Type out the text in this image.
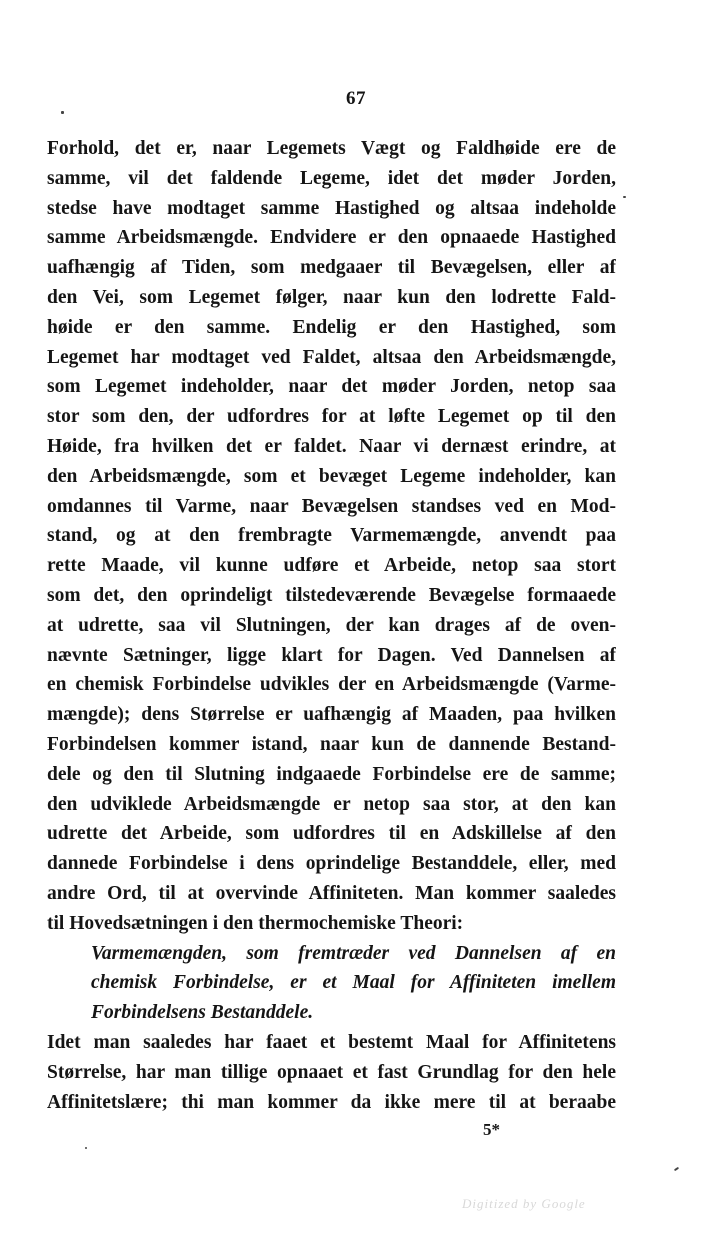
67
Forhold, det er, naar Legemets Vægt og Faldhøide ere de
samme, vil det faldende Legeme, idet det møder Jorden,
stedse have modtaget samme Hastighed og altsaa indeholde
samme Arbeidsmængde. Endvidere er den opnaaede Hastighed
uafhængig af Tiden, som medgaaer til Bevægelsen, eller af
den Vei, som Legemet følger, naar kun den lodrette Fald-
høide er den samme. Endelig er den Hastighed, som
Legemet har modtaget ved Faldet, altsaa den Arbeidsmængde,
som Legemet indeholder, naar det møder Jorden, netop saa
stor som den, der udfordres for at løfte Legemet op til den
Høide, fra hvilken det er faldet. Naar vi dernæst erindre, at
den Arbeidsmængde, som et bevæget Legeme indeholder, kan
omdannes til Varme, naar Bevægelsen standses ved en Mod-
stand, og at den frembragte Varmemængde, anvendt paa
rette Maade, vil kunne udføre et Arbeide, netop saa stort
som det, den oprindeligt tilstedeværende Bevægelse formaaede
at udrette, saa vil Slutningen, der kan drages af de oven-
nævnte Sætninger, ligge klart for Dagen. Ved Dannelsen af
en chemisk Forbindelse udvikles der en Arbeidsmængde (Varme-
mængde); dens Størrelse er uafhængig af Maaden, paa hvilken
Forbindelsen kommer istand, naar kun de dannende Bestand-
dele og den til Slutning indgaaede Forbindelse ere de samme;
den udviklede Arbeidsmængde er netop saa stor, at den kan
udrette det Arbeide, som udfordres til en Adskillelse af den
dannede Forbindelse i dens oprindelige Bestanddele, eller, med
andre Ord, til at overvinde Affiniteten. Man kommer saaledes
til Hovedsætningen i den thermochemiske Theori:
Varmemængden, som fremtræder ved Dannelsen af en
chemisk Forbindelse, er et Maal for Affiniteten imellem
Forbindelsens Bestanddele.
Idet man saaledes har faaet et bestemt Maal for Affinitetens
Størrelse, har man tillige opnaaet et fast Grundlag for den hele
Affinitetslære; thi man kommer da ikke mere til at beraabe
5*
Digitized by Google
